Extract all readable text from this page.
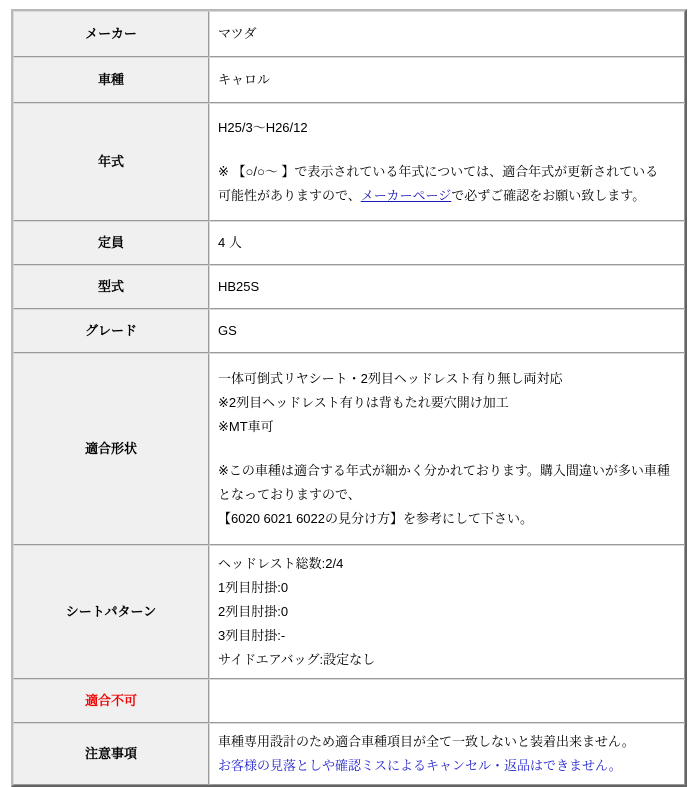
メーカー	マツダ

車種	キャロル

年式	H25/3〜H26/12
※ 【○/○〜 】で表示されている年式については、適合年式が更新されている
可能性がありますので、メーカーページで必ずご確認をお願い致します。

定員	4 人

型式	HB25S

グレード	GS

適合形状	
一体可倒式リヤシート・2列目ヘッドレスト有り無し両対応
※2列目ヘッドレスト有りは背もたれ要穴開け加工
※MT車可
※この車種は適合する年式が細かく分かれております。購入間違いが多い車種
となっておりますので、
【6020 6021 6022の見分け方】を参考にして下さい。

シートパターン	ヘッドレスト総数:2/4
1列目肘掛:0
2列目肘掛:0
3列目肘掛:-
サイドエアバッグ:設定なし

適合不可	

注意事項	車種専用設計のため適合車種項目が全て一致しないと装着出来ません。
お客様の見落としや確認ミスによるキャンセル・返品はできません。
